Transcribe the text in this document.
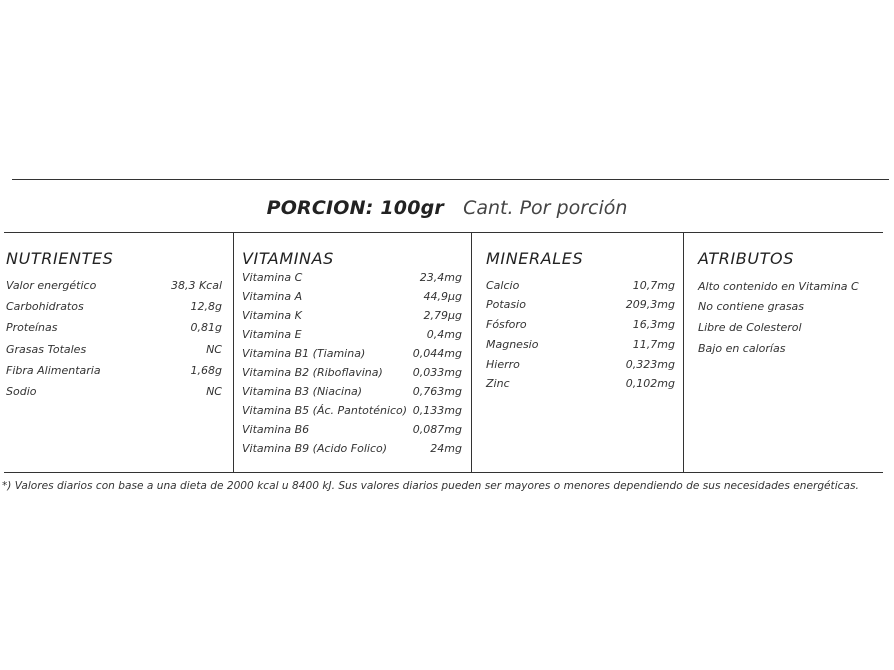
PORCION: 100gr Cant. Por porción
NUTRIENTES
Valor energético	38,3 Kcal
Carbohidratos	12,8g
Proteínas	0,81g
Grasas Totales	NC
Fibra Alimentaria	1,68g
Sodio	NC
VITAMINAS
Vitamina C	23,4mg
Vitamina A	44,9µg
Vitamina K	2,79µg
Vitamina E	0,4mg
Vitamina B1 (Tiamina)	0,044mg
Vitamina B2 (Riboflavina)	0,033mg
Vitamina B3 (Niacina)	0,763mg
Vitamina B5 (Ác. Pantoténico) 0,133mg
Vitamina B6	0,087mg
Vitamina B9 (Acido Folico)	24mg
MINERALES
Calcio	10,7mg
Potasio	209,3mg
Fósforo	16,3mg
Magnesio	11,7mg
Hierro	0,323mg
Zinc	0,102mg
ATRIBUTOS
Alto contenido en Vitamina C
No contiene grasas
Libre de Colesterol
Bajo en calorías
*) Valores diarios con base a una dieta de 2000 kcal u 8400 kJ. Sus valores diarios pueden ser mayores o menores dependiendo de sus necesidades energéticas.
